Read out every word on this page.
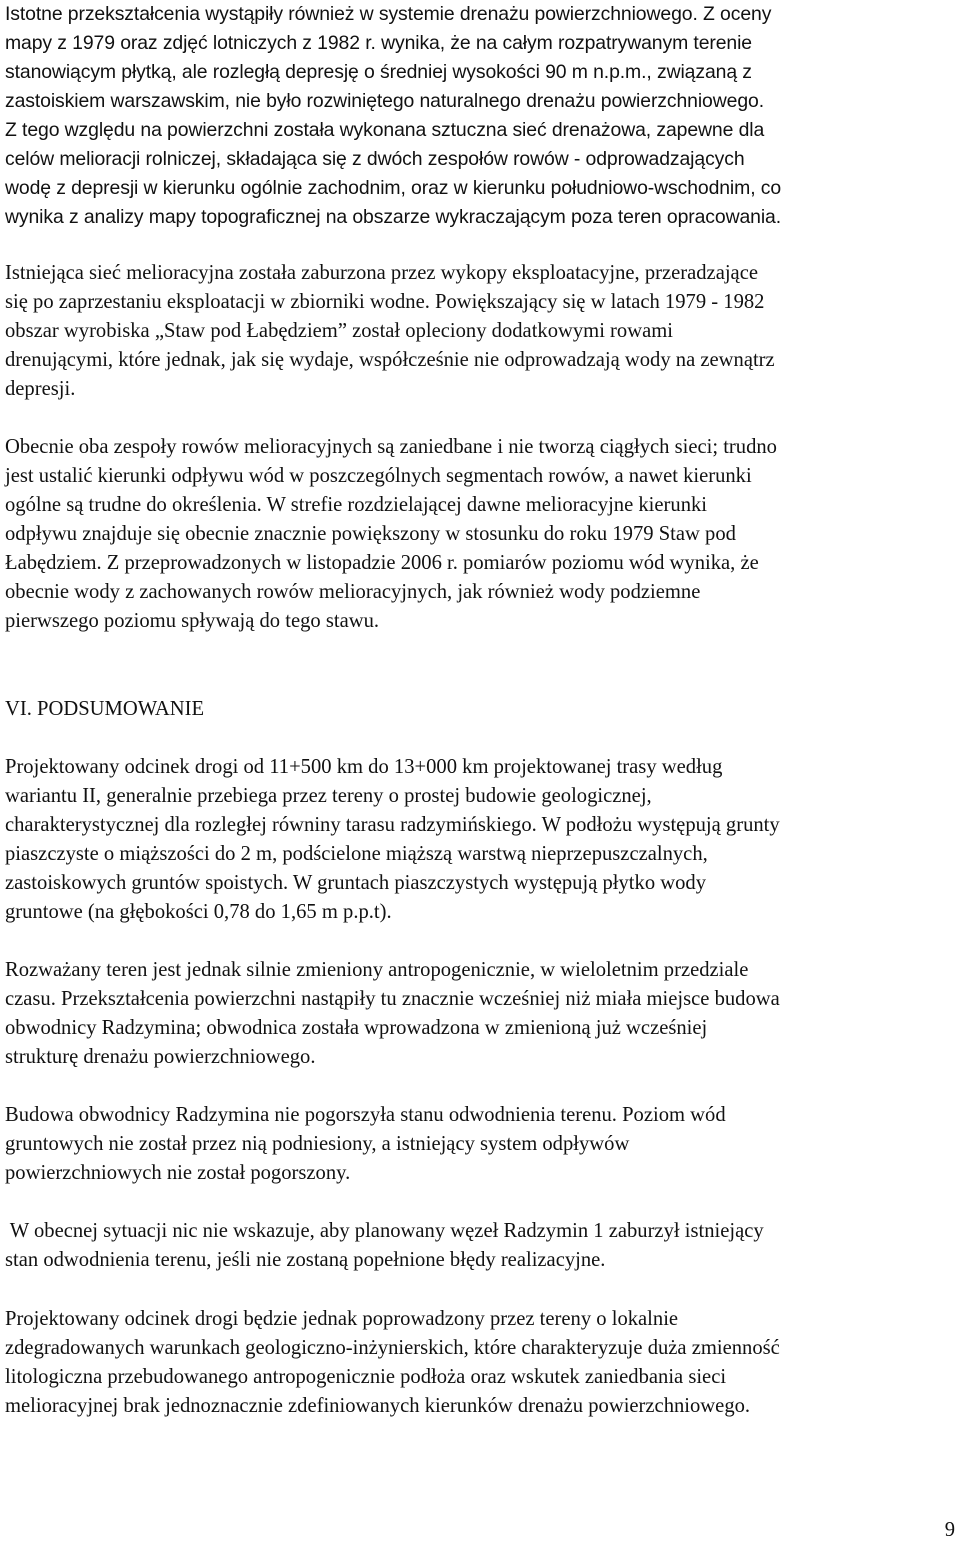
Istotne przekształcenia wystąpiły również w systemie drenażu powierzchniowego. Z oceny
mapy z 1979 oraz zdjęć lotniczych z 1982 r. wynika, że na całym rozpatrywanym terenie
stanowiącym płytką, ale rozległą depresję o średniej wysokości 90 m n.p.m., związaną z
zastoiskiem warszawskim, nie było rozwiniętego naturalnego drenażu powierzchniowego.
Z tego względu na powierzchni została wykonana sztuczna sieć drenażowa, zapewne dla
celów melioracji rolniczej, składająca się z dwóch zespołów rowów - odprowadzających
wodę z depresji w kierunku ogólnie zachodnim, oraz w kierunku południowo-wschodnim, co
wynika z analizy mapy topograficznej na obszarze wykraczającym poza teren opracowania.
Istniejąca sieć melioracyjna została zaburzona przez wykopy eksploatacyjne, przeradzające
się po zaprzestaniu eksploatacji w zbiorniki wodne. Powiększający się w latach 1979 - 1982
obszar wyrobiska „Staw pod Łabędziem” został opleciony dodatkowymi rowami
drenującymi, które jednak, jak się wydaje, współcześnie nie odprowadzają wody na zewnątrz
depresji.
Obecnie oba zespoły rowów melioracyjnych są zaniedbane i nie tworzą ciągłych sieci; trudno
jest ustalić kierunki odpływu wód w poszczególnych segmentach rowów, a nawet kierunki
ogólne są trudne do określenia. W strefie rozdzielającej dawne melioracyjne kierunki
odpływu znajduje się obecnie znacznie powiększony w stosunku do roku 1979 Staw pod
Łabędziem. Z przeprowadzonych w listopadzie 2006 r. pomiarów poziomu wód wynika, że
obecnie wody z zachowanych rowów melioracyjnych, jak również wody podziemne
pierwszego poziomu spływają do tego stawu.
VI. PODSUMOWANIE
Projektowany odcinek drogi od 11+500 km do 13+000 km projektowanej trasy według
wariantu II, generalnie przebiega przez tereny o prostej budowie geologicznej,
charakterystycznej dla rozległej równiny tarasu radzymińskiego. W podłożu występują grunty
piaszczyste o miąższości do 2 m, podścielone miąższą warstwą nieprzepuszczalnych,
zastoiskowych gruntów spoistych. W gruntach piaszczystych występują płytko wody
gruntowe (na głębokości 0,78 do 1,65 m p.p.t).
Rozważany teren jest jednak silnie zmieniony antropogenicznie, w wieloletnim przedziale
czasu. Przekształcenia powierzchni nastąpiły tu znacznie wcześniej niż miała miejsce budowa
obwodnicy Radzymina; obwodnica została wprowadzona w zmienioną już wcześniej
strukturę drenażu powierzchniowego.
Budowa obwodnicy Radzymina nie pogorszyła stanu odwodnienia terenu. Poziom wód
gruntowych nie został przez nią podniesiony, a istniejący system odpływów
powierzchniowych nie został pogorszony.
W obecnej sytuacji nic nie wskazuje, aby planowany węzeł Radzymin 1 zaburzył istniejący
stan odwodnienia terenu, jeśli nie zostaną popełnione błędy realizacyjne.
Projektowany odcinek drogi będzie jednak poprowadzony przez tereny o lokalnie
zdegradowanych warunkach geologiczno-inżynierskich, które charakteryzuje duża zmienność
litologiczna przebudowanego antropogenicznie podłoża oraz wskutek zaniedbania sieci
melioracyjnej brak jednoznacznie zdefiniowanych kierunków drenażu powierzchniowego.
9
